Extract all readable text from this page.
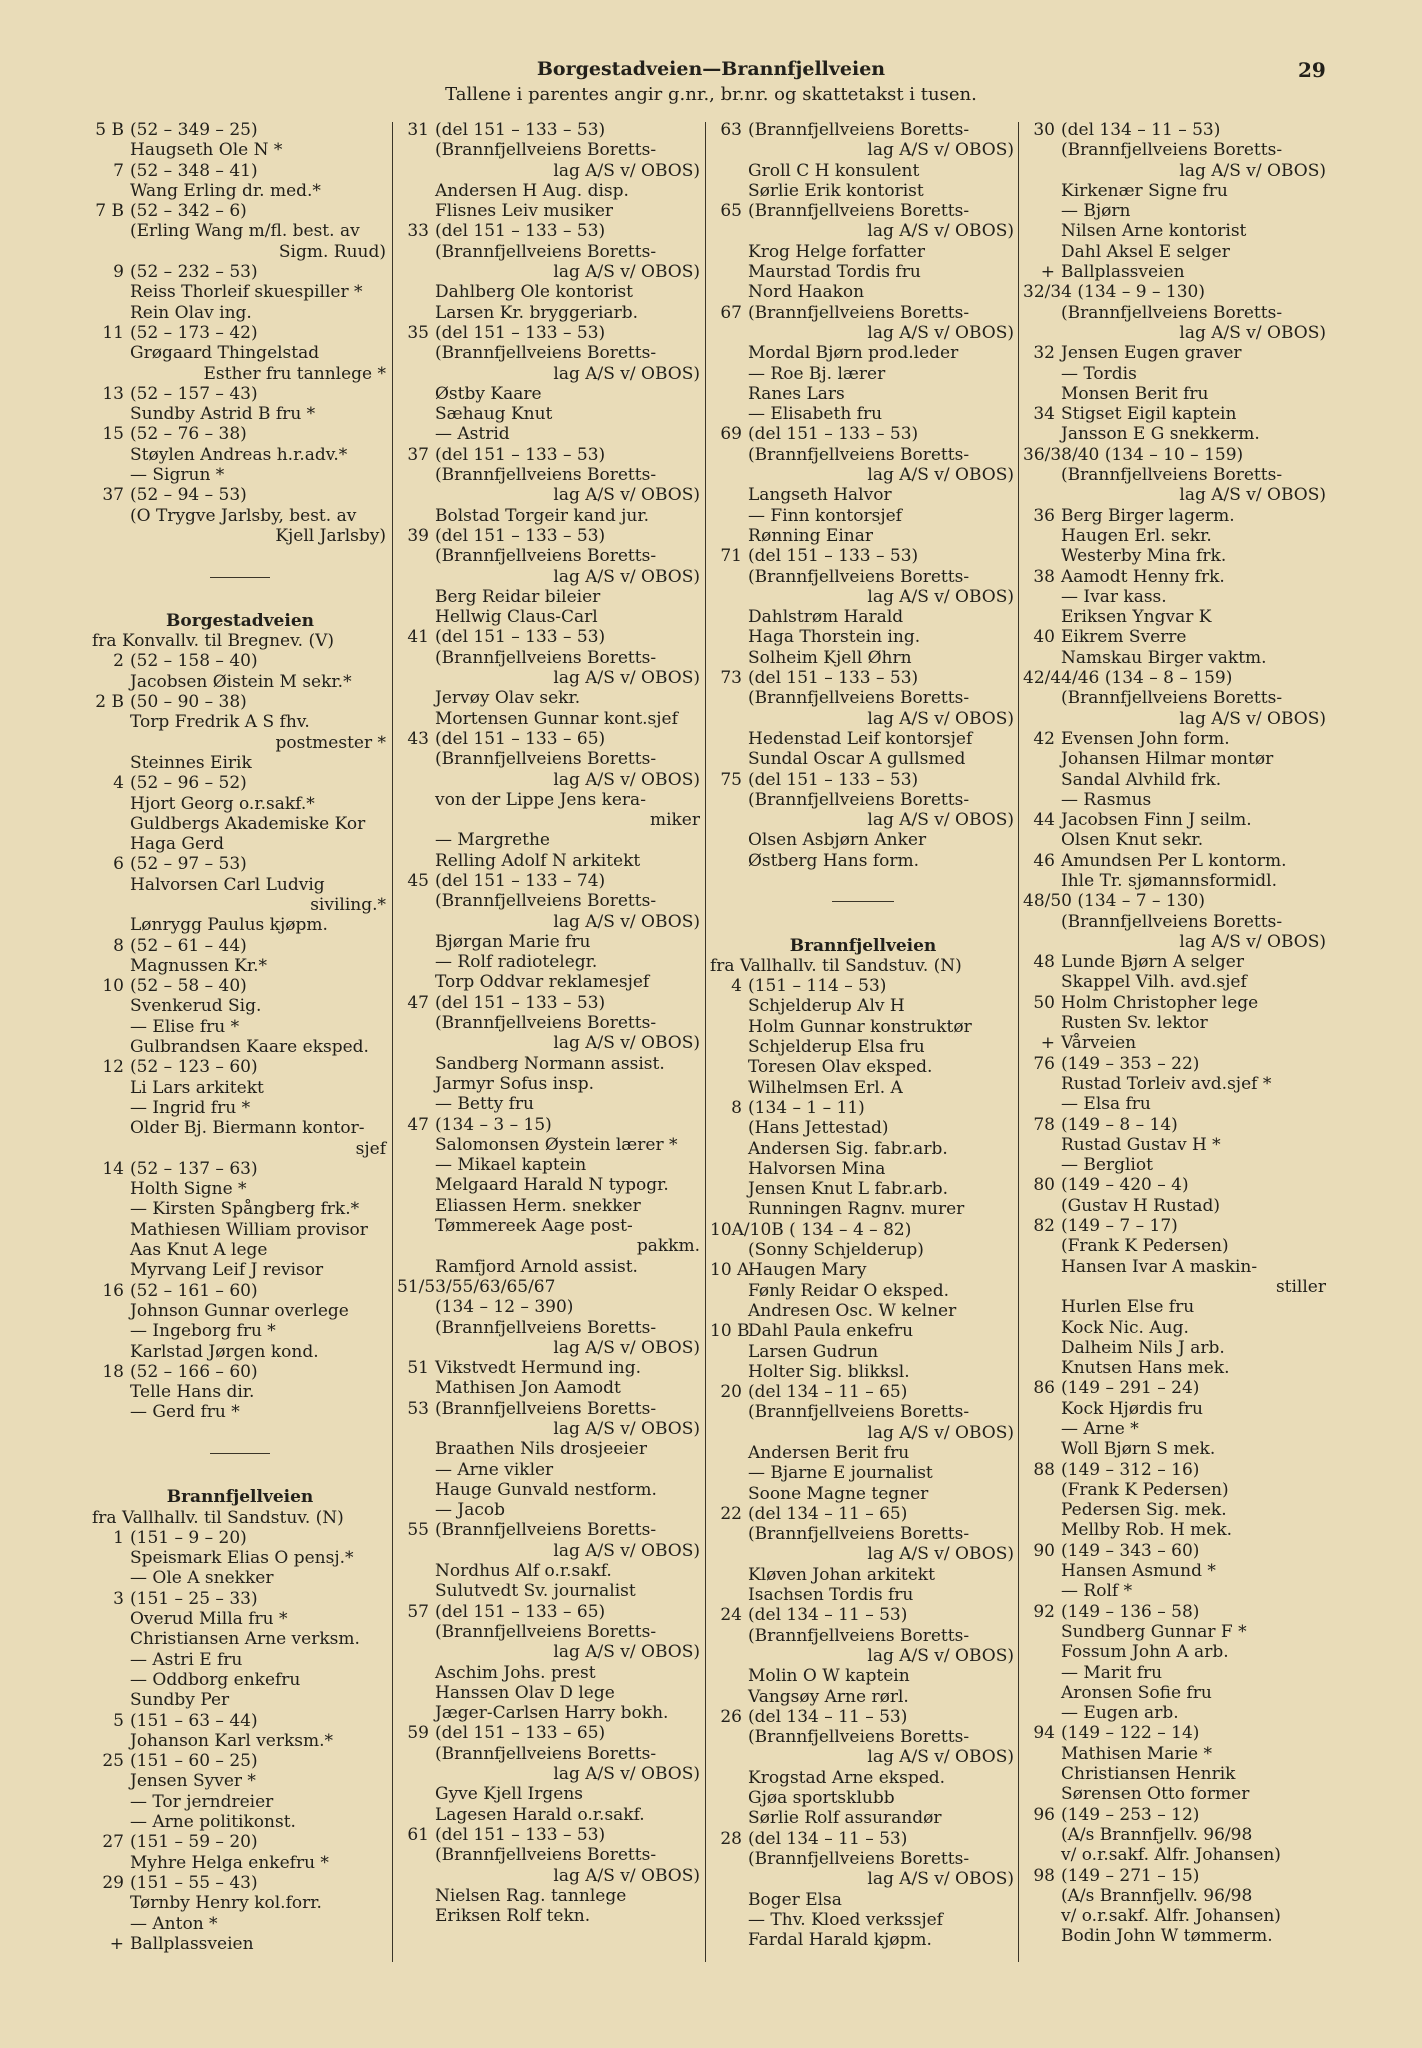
Borgestadveien—Brannfjellveien
Tallene i parentes angir g.nr., br.nr. og skattetakst i tusen.
29
5 B (52 – 349 – 25)
Haugseth Ole N *
7 (52 – 348 – 41)
Wang Erling dr. med.*
7 B (52 – 342 – 6)
(Erling Wang m/fl. best. av
Sigm. Ruud)
9 (52 – 232 – 53)
Reiss Thorleif skuespiller *
Rein Olav ing.
11 (52 – 173 – 42)
Grøgaard Thingelstad
Esther fru tannlege *
13 (52 – 157 – 43)
Sundby Astrid B fru *
15 (52 – 76 – 38)
Støylen Andreas h.r.adv.*
— Sigrun *
37 (52 – 94 – 53)
(O Trygve Jarlsby, best. av
Kjell Jarlsby)
Borgestadveien
fra Konvallv. til Bregnev. (V)
2 (52 – 158 – 40)
Jacobsen Øistein M sekr.*
2 B (50 – 90 – 38)
Torp Fredrik A S fhv.
postmester *
Steinnes Eirik
4 (52 – 96 – 52)
Hjort Georg o.r.sakf.*
Guldbergs Akademiske Kor
Haga Gerd
6 (52 – 97 – 53)
Halvorsen Carl Ludvig
siviling.*
Lønrygg Paulus kjøpm.
8 (52 – 61 – 44)
Magnussen Kr.*
10 (52 – 58 – 40)
Svenkerud Sig.
— Elise fru *
Gulbrandsen Kaare eksped.
12 (52 – 123 – 60)
Li Lars arkitekt
— Ingrid fru *
Older Bj. Biermann kontor-
sjef
14 (52 – 137 – 63)
Holth Signe *
— Kirsten Spångberg frk.*
Mathiesen William provisor
Aas Knut A lege
Myrvang Leif J revisor
16 (52 – 161 – 60)
Johnson Gunnar overlege
— Ingeborg fru *
Karlstad Jørgen kond.
18 (52 – 166 – 60)
Telle Hans dir.
— Gerd fru *
Brannfjellveien
fra Vallhallv. til Sandstuv. (N)
1 (151 – 9 – 20)
Speismark Elias O pensj.*
— Ole A snekker
3 (151 – 25 – 33)
Overud Milla fru *
Christiansen Arne verksm.
— Astri E fru
— Oddborg enkefru
Sundby Per
5 (151 – 63 – 44)
Johanson Karl verksm.*
25 (151 – 60 – 25)
Jensen Syver *
— Tor jerndreier
— Arne politikonst.
27 (151 – 59 – 20)
Myhre Helga enkefru *
29 (151 – 55 – 43)
Tørnby Henry kol.forr.
— Anton *
+ Ballplassveien
31 (del 151 – 133 – 53)
(Brannfjellveiens Boretts-
lag A/S v/ OBOS)
Andersen H Aug. disp.
Flisnes Leiv musiker
33 (del 151 – 133 – 53)
(Brannfjellveiens Boretts-
lag A/S v/ OBOS)
Dahlberg Ole kontorist
Larsen Kr. bryggeriarb.
35 (del 151 – 133 – 53)
(Brannfjellveiens Boretts-
lag A/S v/ OBOS)
Østby Kaare
Sæhaug Knut
— Astrid
37 (del 151 – 133 – 53)
(Brannfjellveiens Boretts-
lag A/S v/ OBOS)
Bolstad Torgeir kand jur.
39 (del 151 – 133 – 53)
(Brannfjellveiens Boretts-
lag A/S v/ OBOS)
Berg Reidar bileier
Hellwig Claus-Carl
41 (del 151 – 133 – 53)
(Brannfjellveiens Boretts-
lag A/S v/ OBOS)
Jervøy Olav sekr.
Mortensen Gunnar kont.sjef
43 (del 151 – 133 – 65)
(Brannfjellveiens Boretts-
lag A/S v/ OBOS)
von der Lippe Jens kera-
miker
— Margrethe
Relling Adolf N arkitekt
45 (del 151 – 133 – 74)
(Brannfjellveiens Boretts-
lag A/S v/ OBOS)
Bjørgan Marie fru
— Rolf radiotelegr.
Torp Oddvar reklamesjef
47 (del 151 – 133 – 53)
(Brannfjellveiens Boretts-
lag A/S v/ OBOS)
Sandberg Normann assist.
Jarmyr Sofus insp.
— Betty fru
47 (134 – 3 – 15)
Salomonsen Øystein lærer *
— Mikael kaptein
Melgaard Harald N typogr.
Eliassen Herm. snekker
Tømmereek Aage post-
pakkm.
Ramfjord Arnold assist.
51/53/55/63/65/67
(134 – 12 – 390)
(Brannfjellveiens Boretts-
lag A/S v/ OBOS)
51 Vikstvedt Hermund ing.
Mathisen Jon Aamodt
53 (Brannfjellveiens Boretts-
lag A/S v/ OBOS)
Braathen Nils drosjeeier
— Arne vikler
Hauge Gunvald nestform.
— Jacob
55 (Brannfjellveiens Boretts-
lag A/S v/ OBOS)
Nordhus Alf o.r.sakf.
Sulutvedt Sv. journalist
57 (del 151 – 133 – 65)
(Brannfjellveiens Boretts-
lag A/S v/ OBOS)
Aschim Johs. prest
Hanssen Olav D lege
Jæger-Carlsen Harry bokh.
59 (del 151 – 133 – 65)
(Brannfjellveiens Boretts-
lag A/S v/ OBOS)
Gyve Kjell Irgens
Lagesen Harald o.r.sakf.
61 (del 151 – 133 – 53)
(Brannfjellveiens Boretts-
lag A/S v/ OBOS)
Nielsen Rag. tannlege
Eriksen Rolf tekn.
63 (Brannfjellveiens Boretts-
lag A/S v/ OBOS)
Groll C H konsulent
Sørlie Erik kontorist
65 (Brannfjellveiens Boretts-
lag A/S v/ OBOS)
Krog Helge forfatter
Maurstad Tordis fru
Nord Haakon
67 (Brannfjellveiens Boretts-
lag A/S v/ OBOS)
Mordal Bjørn prod.leder
— Roe Bj. lærer
Ranes Lars
— Elisabeth fru
69 (del 151 – 133 – 53)
(Brannfjellveiens Boretts-
lag A/S v/ OBOS)
Langseth Halvor
— Finn kontorsjef
Rønning Einar
71 (del 151 – 133 – 53)
(Brannfjellveiens Boretts-
lag A/S v/ OBOS)
Dahlstrøm Harald
Haga Thorstein ing.
Solheim Kjell Øhrn
73 (del 151 – 133 – 53)
(Brannfjellveiens Boretts-
lag A/S v/ OBOS)
Hedenstad Leif kontorsjef
Sundal Oscar A gullsmed
75 (del 151 – 133 – 53)
(Brannfjellveiens Boretts-
lag A/S v/ OBOS)
Olsen Asbjørn Anker
Østberg Hans form.
Brannfjellveien
fra Vallhallv. til Sandstuv. (N)
4 (151 – 114 – 53)
Schjelderup Alv H
Holm Gunnar konstruktør
Schjelderup Elsa fru
Toresen Olav eksped.
Wilhelmsen Erl. A
8 (134 – 1 – 11)
(Hans Jettestad)
Andersen Sig. fabr.arb.
Halvorsen Mina
Jensen Knut L fabr.arb.
Runningen Ragnv. murer
10A/10B ( 134 – 4 – 82)
(Sonny Schjelderup)
10 AHaugen Mary
Fønly Reidar O eksped.
Andresen Osc. W kelner
10 BDahl Paula enkefru
Larsen Gudrun
Holter Sig. blikksl.
20 (del 134 – 11 – 65)
(Brannfjellveiens Boretts-
lag A/S v/ OBOS)
Andersen Berit fru
— Bjarne E journalist
Soone Magne tegner
22 (del 134 – 11 – 65)
(Brannfjellveiens Boretts-
lag A/S v/ OBOS)
Kløven Johan arkitekt
Isachsen Tordis fru
24 (del 134 – 11 – 53)
(Brannfjellveiens Boretts-
lag A/S v/ OBOS)
Molin O W kaptein
Vangsøy Arne rørl.
26 (del 134 – 11 – 53)
(Brannfjellveiens Boretts-
lag A/S v/ OBOS)
Krogstad Arne eksped.
Gjøa sportsklubb
Sørlie Rolf assurandør
28 (del 134 – 11 – 53)
(Brannfjellveiens Boretts-
lag A/S v/ OBOS)
Boger Elsa
— Thv. Kloed verkssjef
Fardal Harald kjøpm.
30 (del 134 – 11 – 53)
(Brannfjellveiens Boretts-
lag A/S v/ OBOS)
Kirkenær Signe fru
— Bjørn
Nilsen Arne kontorist
Dahl Aksel E selger
+ Ballplassveien
32/34 (134 – 9 – 130)
(Brannfjellveiens Boretts-
lag A/S v/ OBOS)
32 Jensen Eugen graver
— Tordis
Monsen Berit fru
34 Stigset Eigil kaptein
Jansson E G snekkerm.
36/38/40 (134 – 10 – 159)
(Brannfjellveiens Boretts-
lag A/S v/ OBOS)
36 Berg Birger lagerm.
Haugen Erl. sekr.
Westerby Mina frk.
38 Aamodt Henny frk.
— Ivar kass.
Eriksen Yngvar K
40 Eikrem Sverre
Namskau Birger vaktm.
42/44/46 (134 – 8 – 159)
(Brannfjellveiens Boretts-
lag A/S v/ OBOS)
42 Evensen John form.
Johansen Hilmar montør
Sandal Alvhild frk.
— Rasmus
44 Jacobsen Finn J seilm.
Olsen Knut sekr.
46 Amundsen Per L kontorm.
Ihle Tr. sjømannsformidl.
48/50 (134 – 7 – 130)
(Brannfjellveiens Boretts-
lag A/S v/ OBOS)
48 Lunde Bjørn A selger
Skappel Vilh. avd.sjef
50 Holm Christopher lege
Rusten Sv. lektor
+ Vårveien
76 (149 – 353 – 22)
Rustad Torleiv avd.sjef *
— Elsa fru
78 (149 – 8 – 14)
Rustad Gustav H *
— Bergliot
80 (149 – 420 – 4)
(Gustav H Rustad)
82 (149 – 7 – 17)
(Frank K Pedersen)
Hansen Ivar A maskin-
stiller
Hurlen Else fru
Kock Nic. Aug.
Dalheim Nils J arb.
Knutsen Hans mek.
86 (149 – 291 – 24)
Kock Hjørdis fru
— Arne *
Woll Bjørn S mek.
88 (149 – 312 – 16)
(Frank K Pedersen)
Pedersen Sig. mek.
Mellby Rob. H mek.
90 (149 – 343 – 60)
Hansen Asmund *
— Rolf *
92 (149 – 136 – 58)
Sundberg Gunnar F *
Fossum John A arb.
— Marit fru
Aronsen Sofie fru
— Eugen arb.
94 (149 – 122 – 14)
Mathisen Marie *
Christiansen Henrik
Sørensen Otto former
96 (149 – 253 – 12)
(A/s Brannfjellv. 96/98
v/ o.r.sakf. Alfr. Johansen)
98 (149 – 271 – 15)
(A/s Brannfjellv. 96/98
v/ o.r.sakf. Alfr. Johansen)
Bodin John W tømmerm.
